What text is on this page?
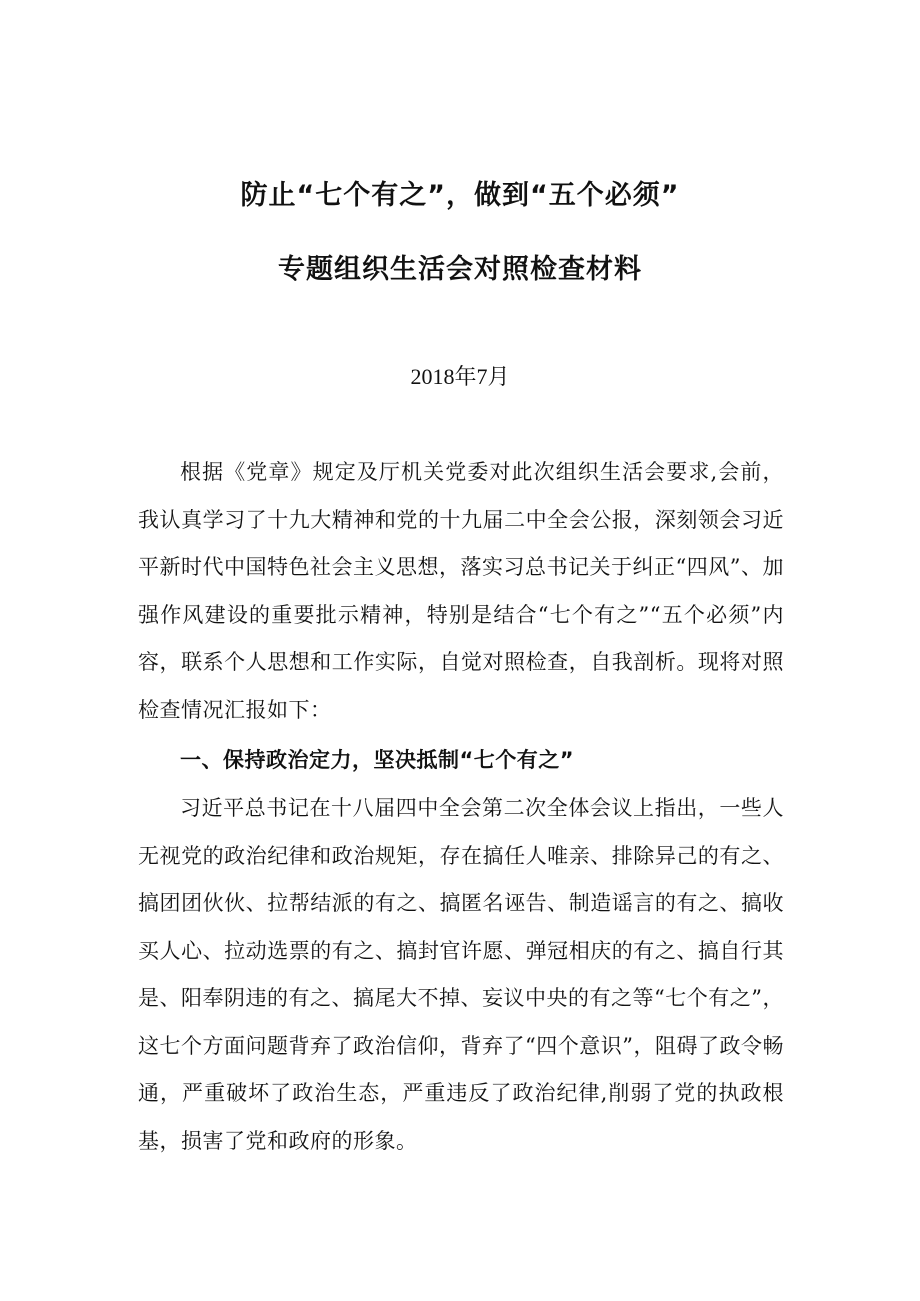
防止“七个有之”，做到“五个必须”
专题组织生活会对照检查材料
2018年7月

根据《党章》规定及厅机关党委对此次组织生活会要求,会前，我认真学习了十九大精神和党的十九届二中全会公报，深刻领会习近平新时代中国特色社会主义思想，落实习总书记关于纠正“四风”、加强作风建设的重要批示精神，特别是结合“七个有之”“五个必须”内容，联系个人思想和工作实际，自觉对照检查，自我剖析。现将对照检查情况汇报如下：

一、保持政治定力，坚决抵制“七个有之”

习近平总书记在十八届四中全会第二次全体会议上指出，一些人无视党的政治纪律和政治规矩，存在搞任人唯亲、排除异己的有之、搞团团伙伙、拉帮结派的有之、搞匿名诬告、制造谣言的有之、搞收买人心、拉动选票的有之、搞封官许愿、弹冠相庆的有之、搞自行其是、阳奉阴违的有之、搞尾大不掉、妄议中央的有之等“七个有之”，这七个方面问题背弃了政治信仰，背弃了“四个意识”，阻碍了政令畅通，严重破坏了政治生态，严重违反了政治纪律,削弱了党的执政根基，损害了党和政府的形象。
